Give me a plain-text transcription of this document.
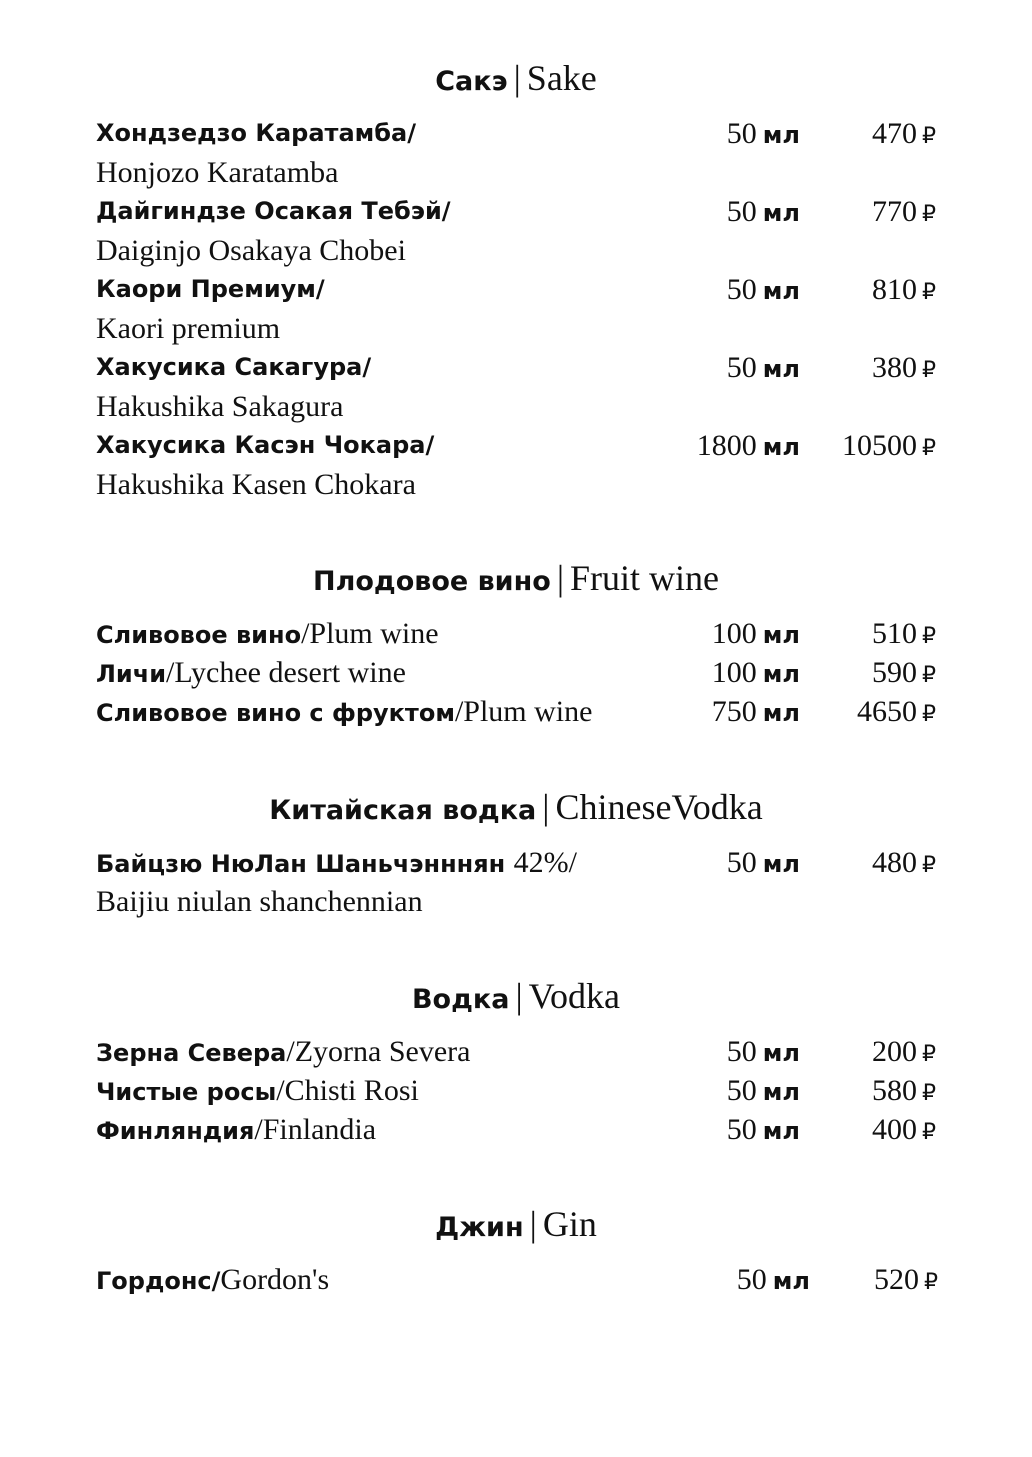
Сакэ | Sake
Хондзедзо Каратамба/
Honjozo Karatamba
50 мл 470 ₽
Дайгиндзе Осакая Тебэй/
Daiginjo Osakaya Chobei
50 мл 770 ₽
Каори Премиум/
Kaori premium
50 мл 810 ₽
Хакусика Сакагура/
Hakushika Sakagura
50 мл 380 ₽
Хакусика Касэн Чокара/
Hakushika Kasen Chokara
1800 мл 10500 ₽
Плодовое вино | Fruit wine
Сливовое вино/Plum wine	100 мл 510 ₽
Личи/Lychee desert wine	100 мл 590 ₽
Сливовое вино с фруктом/Plum wine	750 мл 4650 ₽
Китайская водка | ChineseVodka
Байцзю НюЛан Шаньчэнннян 42%/
Baijiu niulan shanchennian
50 мл 480 ₽
Водка | Vodka
Зерна Севера/Zyorna Severa	50 мл 200 ₽
Чистые росы/Chisti Rosi	50 мл 580 ₽
Финляндия/Finlandia	50 мл 400 ₽
Джин | Gin
Гордонс/Gordon's	50 мл 520 ₽
